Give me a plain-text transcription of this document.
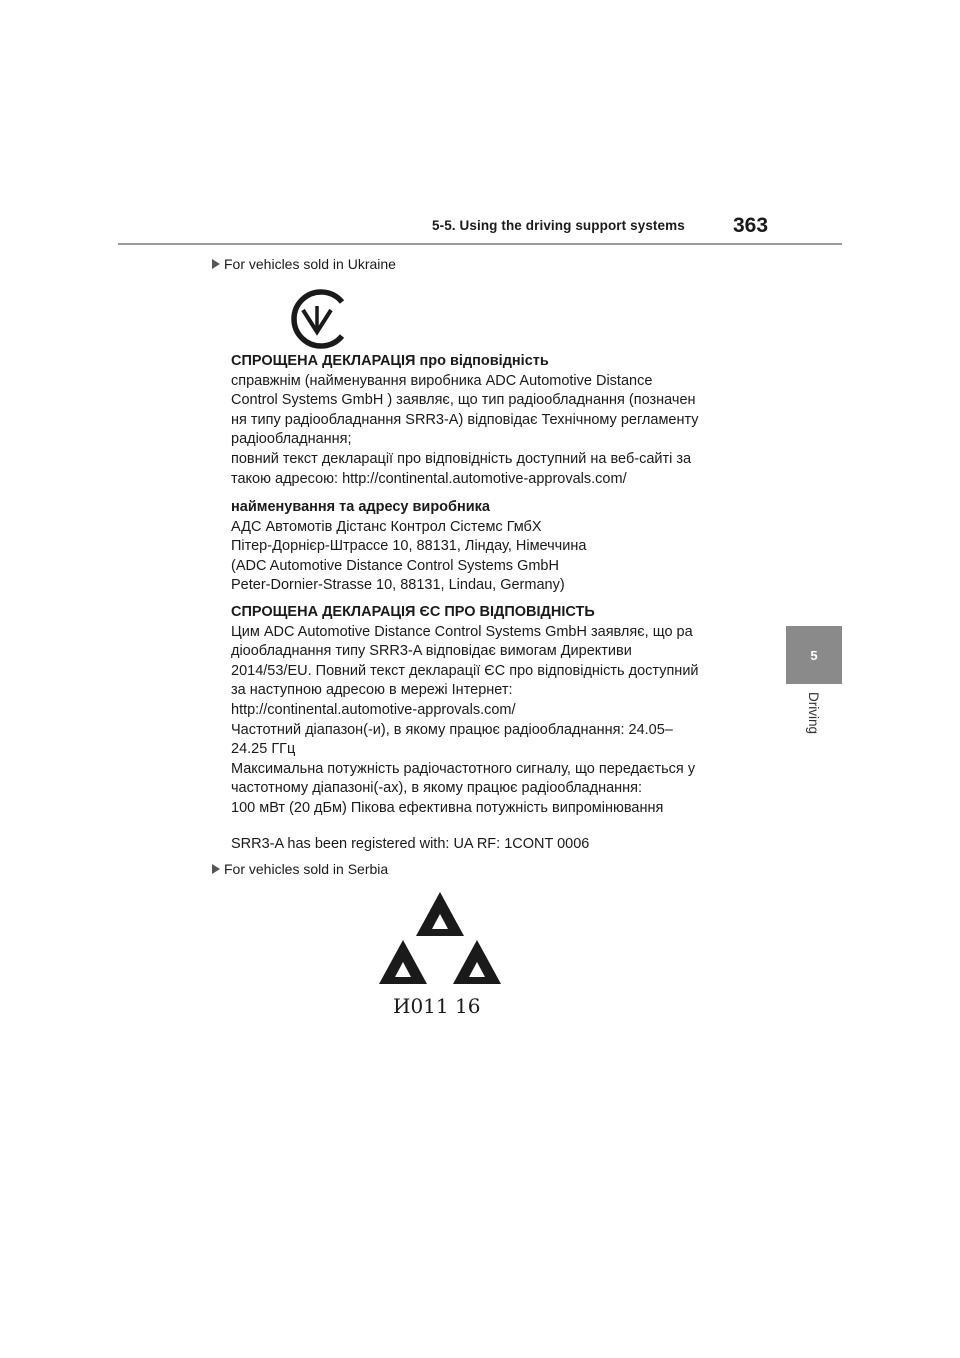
5-5. Using the driving support systems 363
5
Driving
For vehicles sold in Ukraine
СПРОЩЕНА ДЕКЛАРАЦІЯ про відповідність
справжнім (найменування виробника ADC Automotive Distance
Control Systems GmbH ) заявляє, що тип радіообладнання (позначен
ня типу радіообладнання SRR3-A) відповідає Технічному регламенту
радіообладнання;
повний текст декларації про відповідність доступний на веб-сайті за
такою адресою: http://continental.automotive-approvals.com/
найменування та адресу виробника
АДС Автомотів Дістанс Контрол Сістемс ГмбХ
Пітер-Дорнієр-Штрассе 10, 88131, Ліндау, Німеччина
(ADC Automotive Distance Control Systems GmbH
Peter-Dornier-Strasse 10, 88131, Lindau, Germany)
СПРОЩЕНА ДЕКЛАРАЦІЯ ЄС ПРО ВІДПОВІДНІСТЬ
Цим ADC Automotive Distance Control Systems GmbH заявляє, що ра
діообладнання типу SRR3-A відповідає вимогам Директиви
2014/53/EU. Повний текст декларації ЄС про відповідність доступний
за наступною адресою в мережі Інтернет:
http://continental.automotive-approvals.com/
Частотний діапазон(-и), в якому працює радіообладнання: 24.05–
24.25 ГГц
Максимальна потужність радіочастотного сигналу, що передається у
частотному діапазоні(-ах), в якому працює радіообладнання:
100 мВт (20 дБм) Пікова ефективна потужність випромінювання
SRR3-A has been registered with: UA RF: 1CONT 0006
For vehicles sold in Serbia
И011 16
